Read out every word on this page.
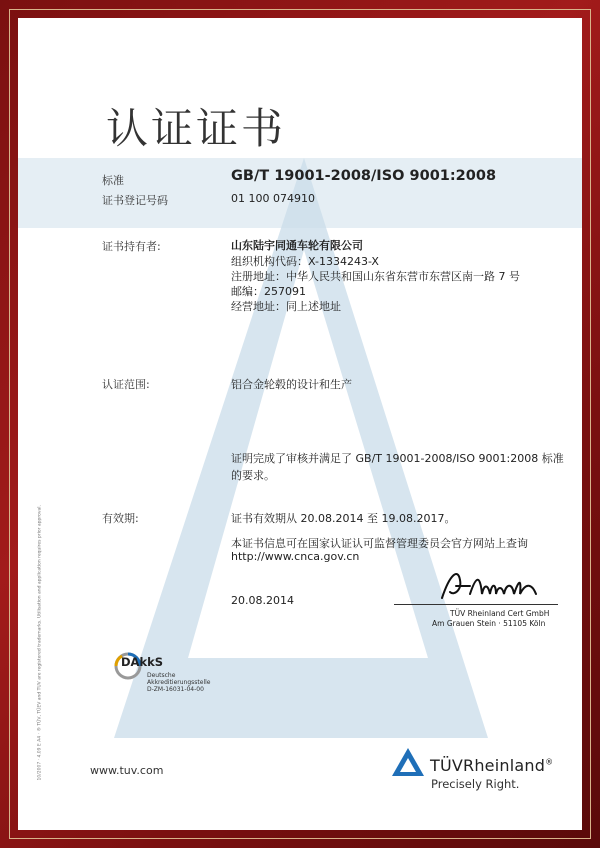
认证证书
标准	GB/T 19001-2008/ISO 9001:2008
证书登记号码	01 100 074910
证书持有者:	山东陆宇同通车轮有限公司
组织机构代码：X-1334243-X
注册地址：中华人民共和国山东省东营市东营区南一路 7 号
邮编：257091
经营地址：同上述地址
认证范围:	铝合金轮毂的设计和生产
证明完成了审核并满足了 GB/T 19001-2008/ISO 9001:2008 标准
的要求。
有效期:	证书有效期从 20.08.2014 至 19.08.2017。
本证书信息可在国家认证认可监督管理委员会官方网站上查询
http://www.cnca.gov.cn
20.08.2014
TÜV Rheinland Cert GmbH
Am Grauen Stein · 51105 Köln
DAkkS
Deutsche
Akkreditierungsstelle
D-ZM-16031-04-00
10/2007 · 4.09 E A4 · ® TÜV, TÜEV and TUV are registered trademarks. Utilisation and application requires prior approval.	www.tuv.com	TÜVRheinland®
Precisely Right.
